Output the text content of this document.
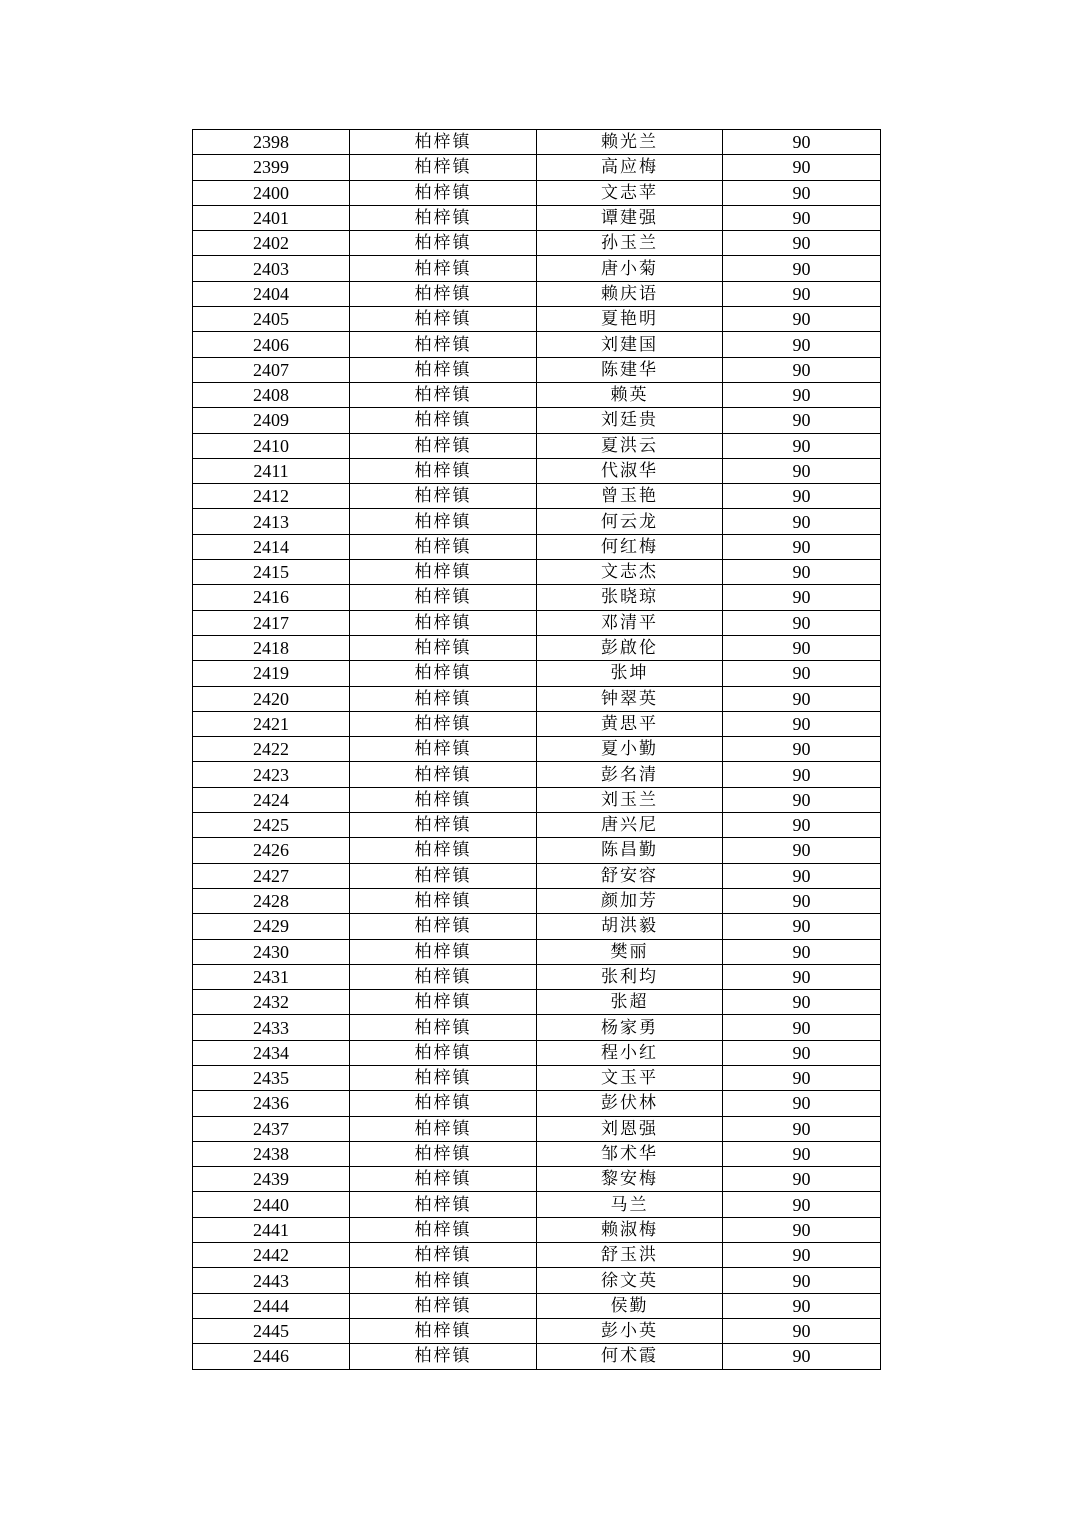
2398	柏梓镇	赖光兰	90
2399	柏梓镇	高应梅	90
2400	柏梓镇	文志苹	90
2401	柏梓镇	谭建强	90
2402	柏梓镇	孙玉兰	90
2403	柏梓镇	唐小菊	90
2404	柏梓镇	赖庆语	90
2405	柏梓镇	夏艳明	90
2406	柏梓镇	刘建国	90
2407	柏梓镇	陈建华	90
2408	柏梓镇	赖英	90
2409	柏梓镇	刘廷贵	90
2410	柏梓镇	夏洪云	90
2411	柏梓镇	代淑华	90
2412	柏梓镇	曾玉艳	90
2413	柏梓镇	何云龙	90
2414	柏梓镇	何红梅	90
2415	柏梓镇	文志杰	90
2416	柏梓镇	张晓琼	90
2417	柏梓镇	邓清平	90
2418	柏梓镇	彭啟伦	90
2419	柏梓镇	张坤	90
2420	柏梓镇	钟翠英	90
2421	柏梓镇	黄思平	90
2422	柏梓镇	夏小勤	90
2423	柏梓镇	彭名清	90
2424	柏梓镇	刘玉兰	90
2425	柏梓镇	唐兴尼	90
2426	柏梓镇	陈昌勤	90
2427	柏梓镇	舒安容	90
2428	柏梓镇	颜加芳	90
2429	柏梓镇	胡洪毅	90
2430	柏梓镇	樊丽	90
2431	柏梓镇	张利均	90
2432	柏梓镇	张超	90
2433	柏梓镇	杨家勇	90
2434	柏梓镇	程小红	90
2435	柏梓镇	文玉平	90
2436	柏梓镇	彭伏林	90
2437	柏梓镇	刘恩强	90
2438	柏梓镇	邹术华	90
2439	柏梓镇	黎安梅	90
2440	柏梓镇	马兰	90
2441	柏梓镇	赖淑梅	90
2442	柏梓镇	舒玉洪	90
2443	柏梓镇	徐文英	90
2444	柏梓镇	侯勤	90
2445	柏梓镇	彭小英	90
2446	柏梓镇	何术霞	90
